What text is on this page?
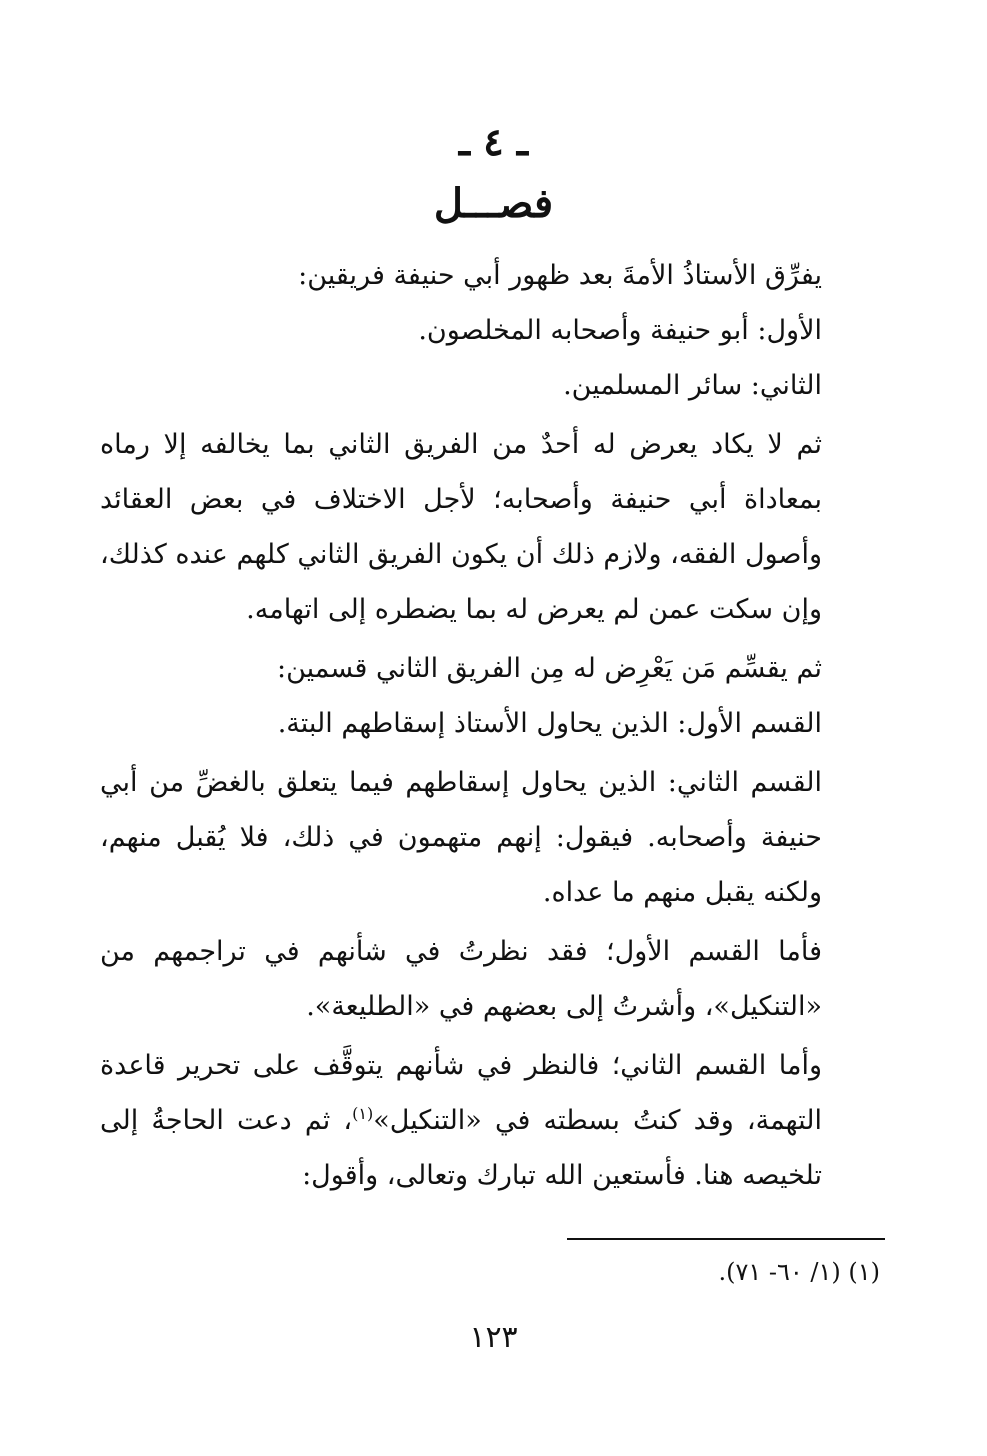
ـ ٤ ـ
فصـــل

يفرِّق الأستاذُ الأمةَ بعد ظهور أبي حنيفة فريقين:

الأول: أبو حنيفة وأصحابه المخلصون.

الثاني: سائر المسلمين.

ثم لا يكاد يعرض له أحدٌ من الفريق الثاني بما يخالفه إلا رماه بمعاداة أبي حنيفة وأصحابه؛ لأجل الاختلاف في بعض العقائد وأصول الفقه، ولازم ذلك أن يكون الفريق الثاني كلهم عنده كذلك، وإن سكت عمن لم يعرض له بما يضطره إلى اتهامه.

ثم يقسِّم مَن يَعْرِض له مِن الفريق الثاني قسمين:

القسم الأول: الذين يحاول الأستاذ إسقاطهم البتة.

القسم الثاني: الذين يحاول إسقاطهم فيما يتعلق بالغضِّ من أبي حنيفة وأصحابه. فيقول: إنهم متهمون في ذلك، فلا يُقبل منهم، ولكنه يقبل منهم ما عداه.

فأما القسم الأول؛ فقد نظرتُ في شأنهم في تراجمهم من «التنكيل»، وأشرتُ إلى بعضهم في «الطليعة».

وأما القسم الثاني؛ فالنظر في شأنهم يتوقَّف على تحرير قاعدة التهمة، وقد كنتُ بسطته في «التنكيل»$^{(١)}$، ثم دعت الحاجةُ إلى تلخيصه هنا. فأستعين الله تبارك وتعالى، وأقول:

(١) (١/ ٦٠- ٧١).
١٢٣
